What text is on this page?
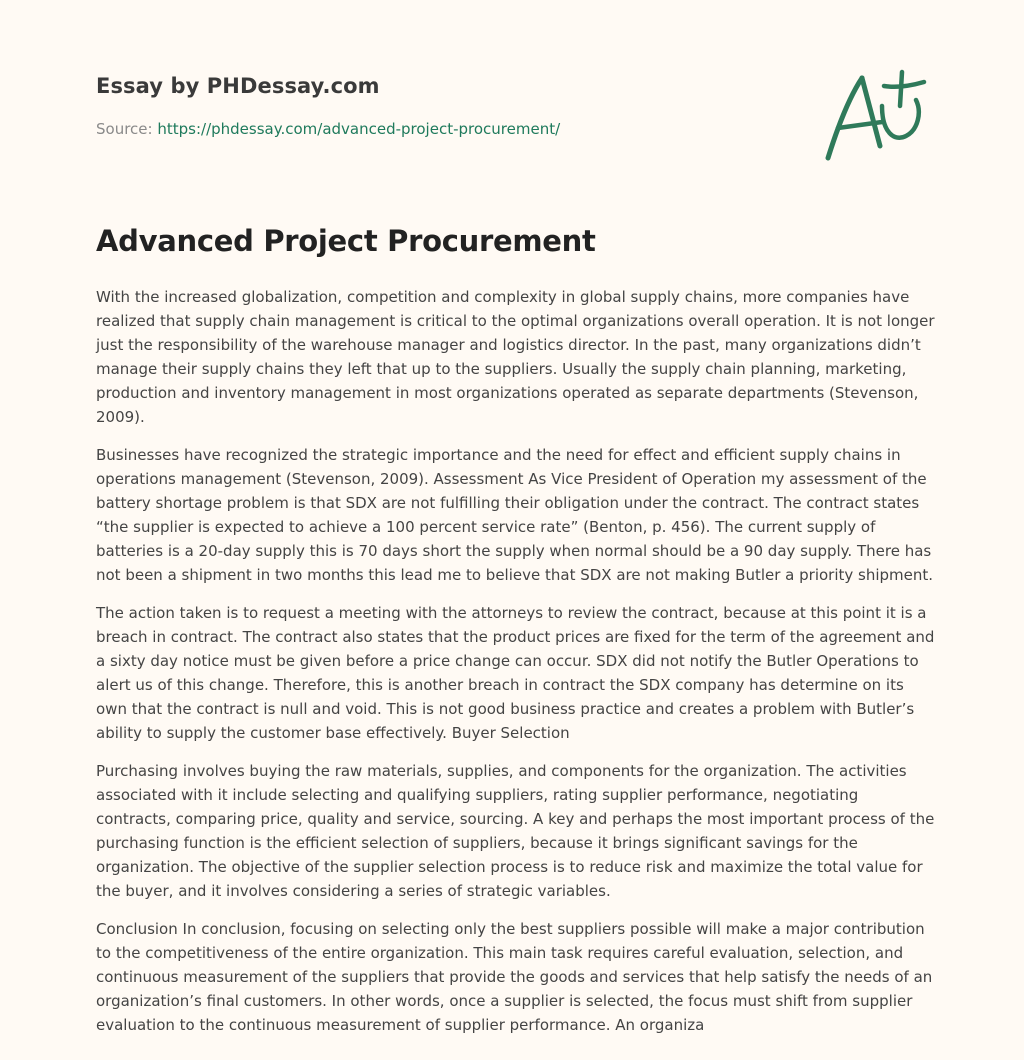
Essay by PHDessay.com
Source: https://phdessay.com/advanced-project-procurement/
Advanced Project Procurement

With the increased globalization, competition and complexity in global supply chains, more companies have realized that supply chain management is critical to the optimal organizations overall operation. It is not longer just the responsibility of the warehouse manager and logistics director. In the past, many organizations didn’t manage their supply chains they left that up to the suppliers. Usually the supply chain planning, marketing, production and inventory management in most organizations operated as separate departments (Stevenson, 2009).

Businesses have recognized the strategic importance and the need for effect and efficient supply chains in operations management (Stevenson, 2009). Assessment As Vice President of Operation my assessment of the battery shortage problem is that SDX are not fulfilling their obligation under the contract. The contract states “the supplier is expected to achieve a 100 percent service rate” (Benton, p. 456). The current supply of batteries is a 20-day supply this is 70 days short the supply when normal should be a 90 day supply. There has not been a shipment in two months this lead me to believe that SDX are not making Butler a priority shipment.

The action taken is to request a meeting with the attorneys to review the contract, because at this point it is a breach in contract. The contract also states that the product prices are fixed for the term of the agreement and a sixty day notice must be given before a price change can occur. SDX did not notify the Butler Operations to alert us of this change. Therefore, this is another breach in contract the SDX company has determine on its own that the contract is null and void. This is not good business practice and creates a problem with Butler’s ability to supply the customer base effectively. Buyer Selection

Purchasing involves buying the raw materials, supplies, and components for the organization. The activities associated with it include selecting and qualifying suppliers, rating supplier performance, negotiating contracts, comparing price, quality and service, sourcing. A key and perhaps the most important process of the purchasing function is the efficient selection of suppliers, because it brings significant savings for the organization. The objective of the supplier selection process is to reduce risk and maximize the total value for the buyer, and it involves considering a series of strategic variables.

Conclusion In conclusion, focusing on selecting only the best suppliers possible will make a major contribution to the competitiveness of the entire organization. This main task requires careful evaluation, selection, and continuous measurement of the suppliers that provide the goods and services that help satisfy the needs of an organization’s final customers. In other words, once a supplier is selected, the focus must shift from supplier evaluation to the continuous measurement of supplier performance. An organiza
